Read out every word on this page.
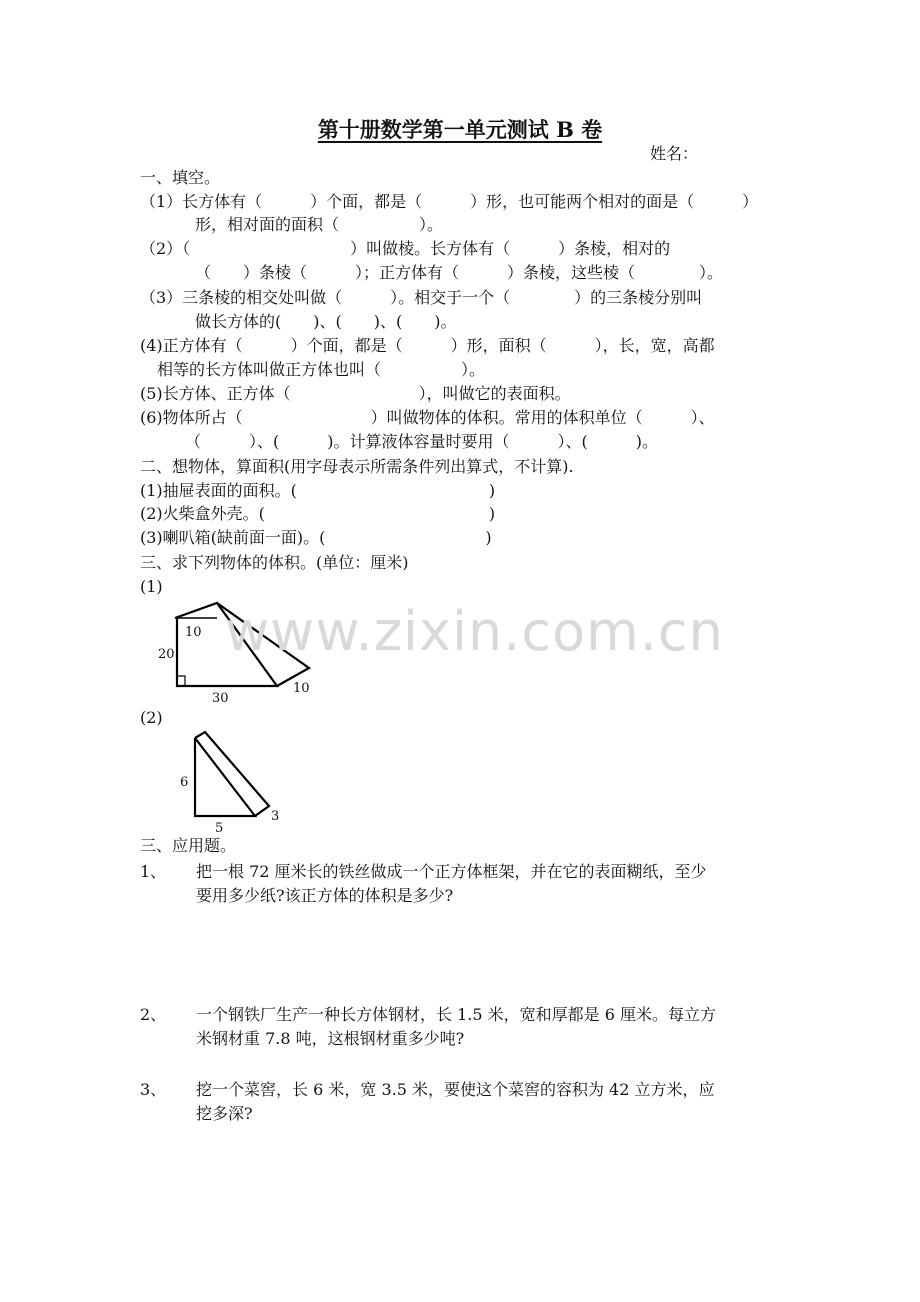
第十册数学第一单元测试 B 卷
姓名：
一、填空。
（1）长方体有（　　　）个面，都是（　　　）形，也可能两个相对的面是（　　　）
形，相对面的面积（　　　　　）。
（2）（　　　　　　　　　　）叫做棱。长方体有（　　　）条棱，相对的
（　　）条棱（　　　）；正方体有（　　　）条棱，这些棱（　　　　）。
（3）三条棱的相交处叫做（　　　）。相交于一个（　　　　）的三条棱分别叫
做长方体的(　　)、(　　)、(　　)。
(4)正方体有（　　　）个面，都是（　　　）形，面积（　　　），长，宽，高都
相等的长方体叫做正方体也叫（　　　　　）。
(5)长方体、正方体（　　　　　　　　），叫做它的表面积。
(6)物体所占（　　　　　　　　）叫做物体的体积。常用的体积单位（　　　）、
（　　　）、(　　　)。计算液体容量时要用（　　　）、(　　　)。
二、想物体，算面积(用字母表示所需条件列出算式，不计算).
(1)抽屉表面的面积。(　　　　　　　　　　　　)
(2)火柴盒外壳。(　　　　　　　　　　　　　　)
(3)喇叭箱(缺前面一面)。(　　　　　　　　　　)
三、求下列物体的体积。(单位：厘米)
(1)
10
20
30
10
(2)
6
5
3
三、应用题。
1、 把一根 72 厘米长的铁丝做成一个正方体框架，并在它的表面糊纸，至少
要用多少纸?该正方体的体积是多少?
2、 一个钢铁厂生产一种长方体钢材，长 1.5 米，宽和厚都是 6 厘米。每立方
米钢材重 7.8 吨，这根钢材重多少吨?
3、 挖一个菜窖，长 6 米，宽 3.5 米，要使这个菜窖的容积为 42 立方米，应
挖多深?
www.zixin.com.cn
